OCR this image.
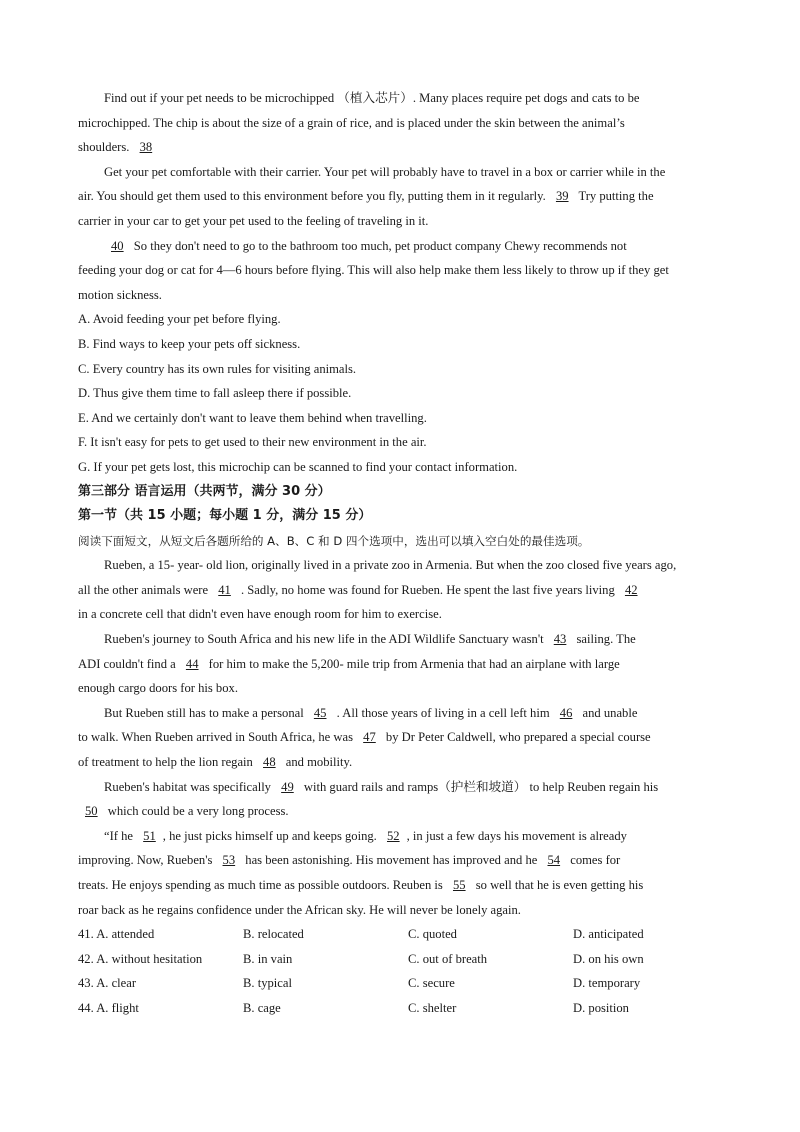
Find out if your pet needs to be microchipped （植入芯片）. Many places require pet dogs and cats to be
microchipped. The chip is about the size of a grain of rice, and is placed under the skin between the animal’s
shoulders. 38
Get your pet comfortable with their carrier. Your pet will probably have to travel in a box or carrier while in the
air. You should get them used to this environment before you fly, putting them in it regularly. 39 Try putting the
carrier in your car to get your pet used to the feeling of traveling in it.
40 So they don't need to go to the bathroom too much, pet product company Chewy recommends not
feeding your dog or cat for 4—6 hours before flying. This will also help make them less likely to throw up if they get
motion sickness.
A. Avoid feeding your pet before flying.
B. Find ways to keep your pets off sickness.
C. Every country has its own rules for visiting animals.
D. Thus give them time to fall asleep there if possible.
E. And we certainly don't want to leave them behind when travelling.
F. It isn't easy for pets to get used to their new environment in the air.
G. If your pet gets lost, this microchip can be scanned to find your contact information.
第三部分 语言运用（共两节，满分 30 分）
第一节（共 15 小题；每小题 1 分，满分 15 分）
阅读下面短文，从短文后各题所给的 A、B、C 和 D 四个选项中，选出可以填入空白处的最佳选项。
Rueben, a 15- year- old lion, originally lived in a private zoo in Armenia. But when the zoo closed five years ago,
all the other animals were 41 . Sadly, no home was found for Rueben. He spent the last five years living 42
in a concrete cell that didn't even have enough room for him to exercise.
Rueben's journey to South Africa and his new life in the ADI Wildlife Sanctuary wasn't 43 sailing. The
ADI couldn't find a 44 for him to make the 5,200- mile trip from Armenia that had an airplane with large
enough cargo doors for his box.
But Rueben still has to make a personal 45 . All those years of living in a cell left him 46 and unable
to walk. When Rueben arrived in South Africa, he was 47 by Dr Peter Caldwell, who prepared a special course
of treatment to help the lion regain 48 and mobility.
Rueben's habitat was specifically 49 with guard rails and ramps（护栏和坡道） to help Reuben regain his
50 which could be a very long process.
“If he 51 , he just picks himself up and keeps going. 52 , in just a few days his movement is already
improving. Now, Rueben's 53 has been astonishing. His movement has improved and he 54 comes for
treats. He enjoys spending as much time as possible outdoors. Reuben is 55 so well that he is even getting his
roar back as he regains confidence under the African sky. He will never be lonely again.
41. A. attended	B. relocated	C. quoted	D. anticipated
42. A. without hesitation	B. in vain	C. out of breath	D. on his own
43. A. clear	B. typical	C. secure	D. temporary
44. A. flight	B. cage	C. shelter	D. position
